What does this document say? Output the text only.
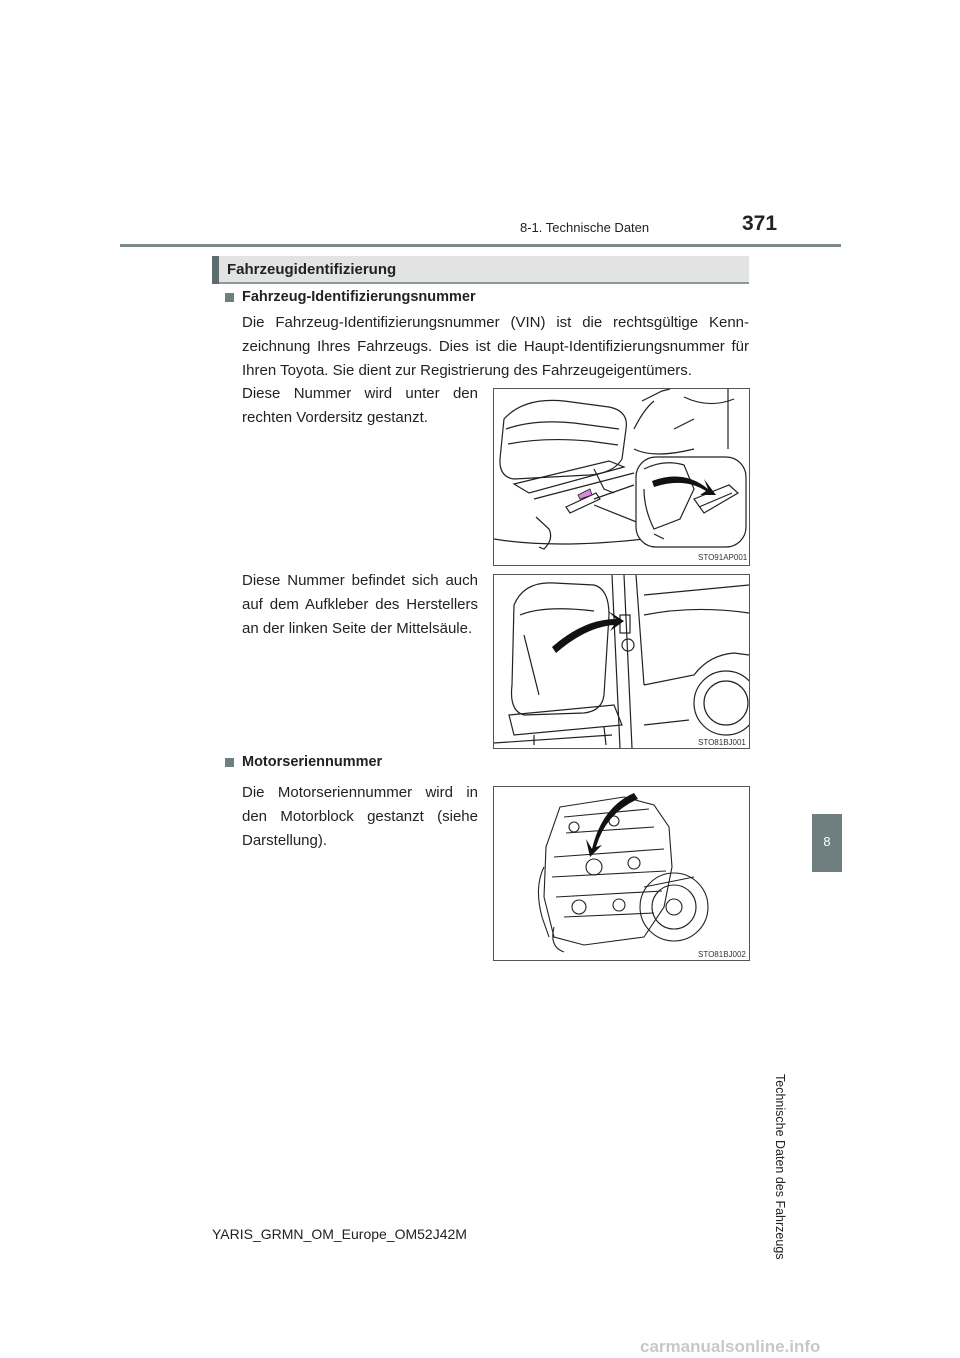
8-1. Technische Daten	371
8
Technische Daten des Fahrzeugs
Fahrzeugidentifizierung
Fahrzeug-Identifizierungsnummer
Die Fahrzeug-Identifizierungsnummer (VIN) ist die rechtsgültige Kenn-
zeichnung Ihres Fahrzeugs. Dies ist die Haupt-Identifizierungsnummer für
Ihren Toyota. Sie dient zur Registrierung des Fahrzeugeigentümers.
Diese Nummer wird unter den
rechten Vordersitz gestanzt.
STO91AP001
Diese Nummer befindet sich auch
auf dem Aufkleber des Herstellers
an der linken Seite der Mittelsäule.
STO81BJ001
Motorseriennummer
Die Motorseriennummer wird in
den Motorblock gestanzt (siehe
Darstellung).
STO81BJ002
YARIS_GRMN_OM_Europe_OM52J42M
carmanualsonline.info
